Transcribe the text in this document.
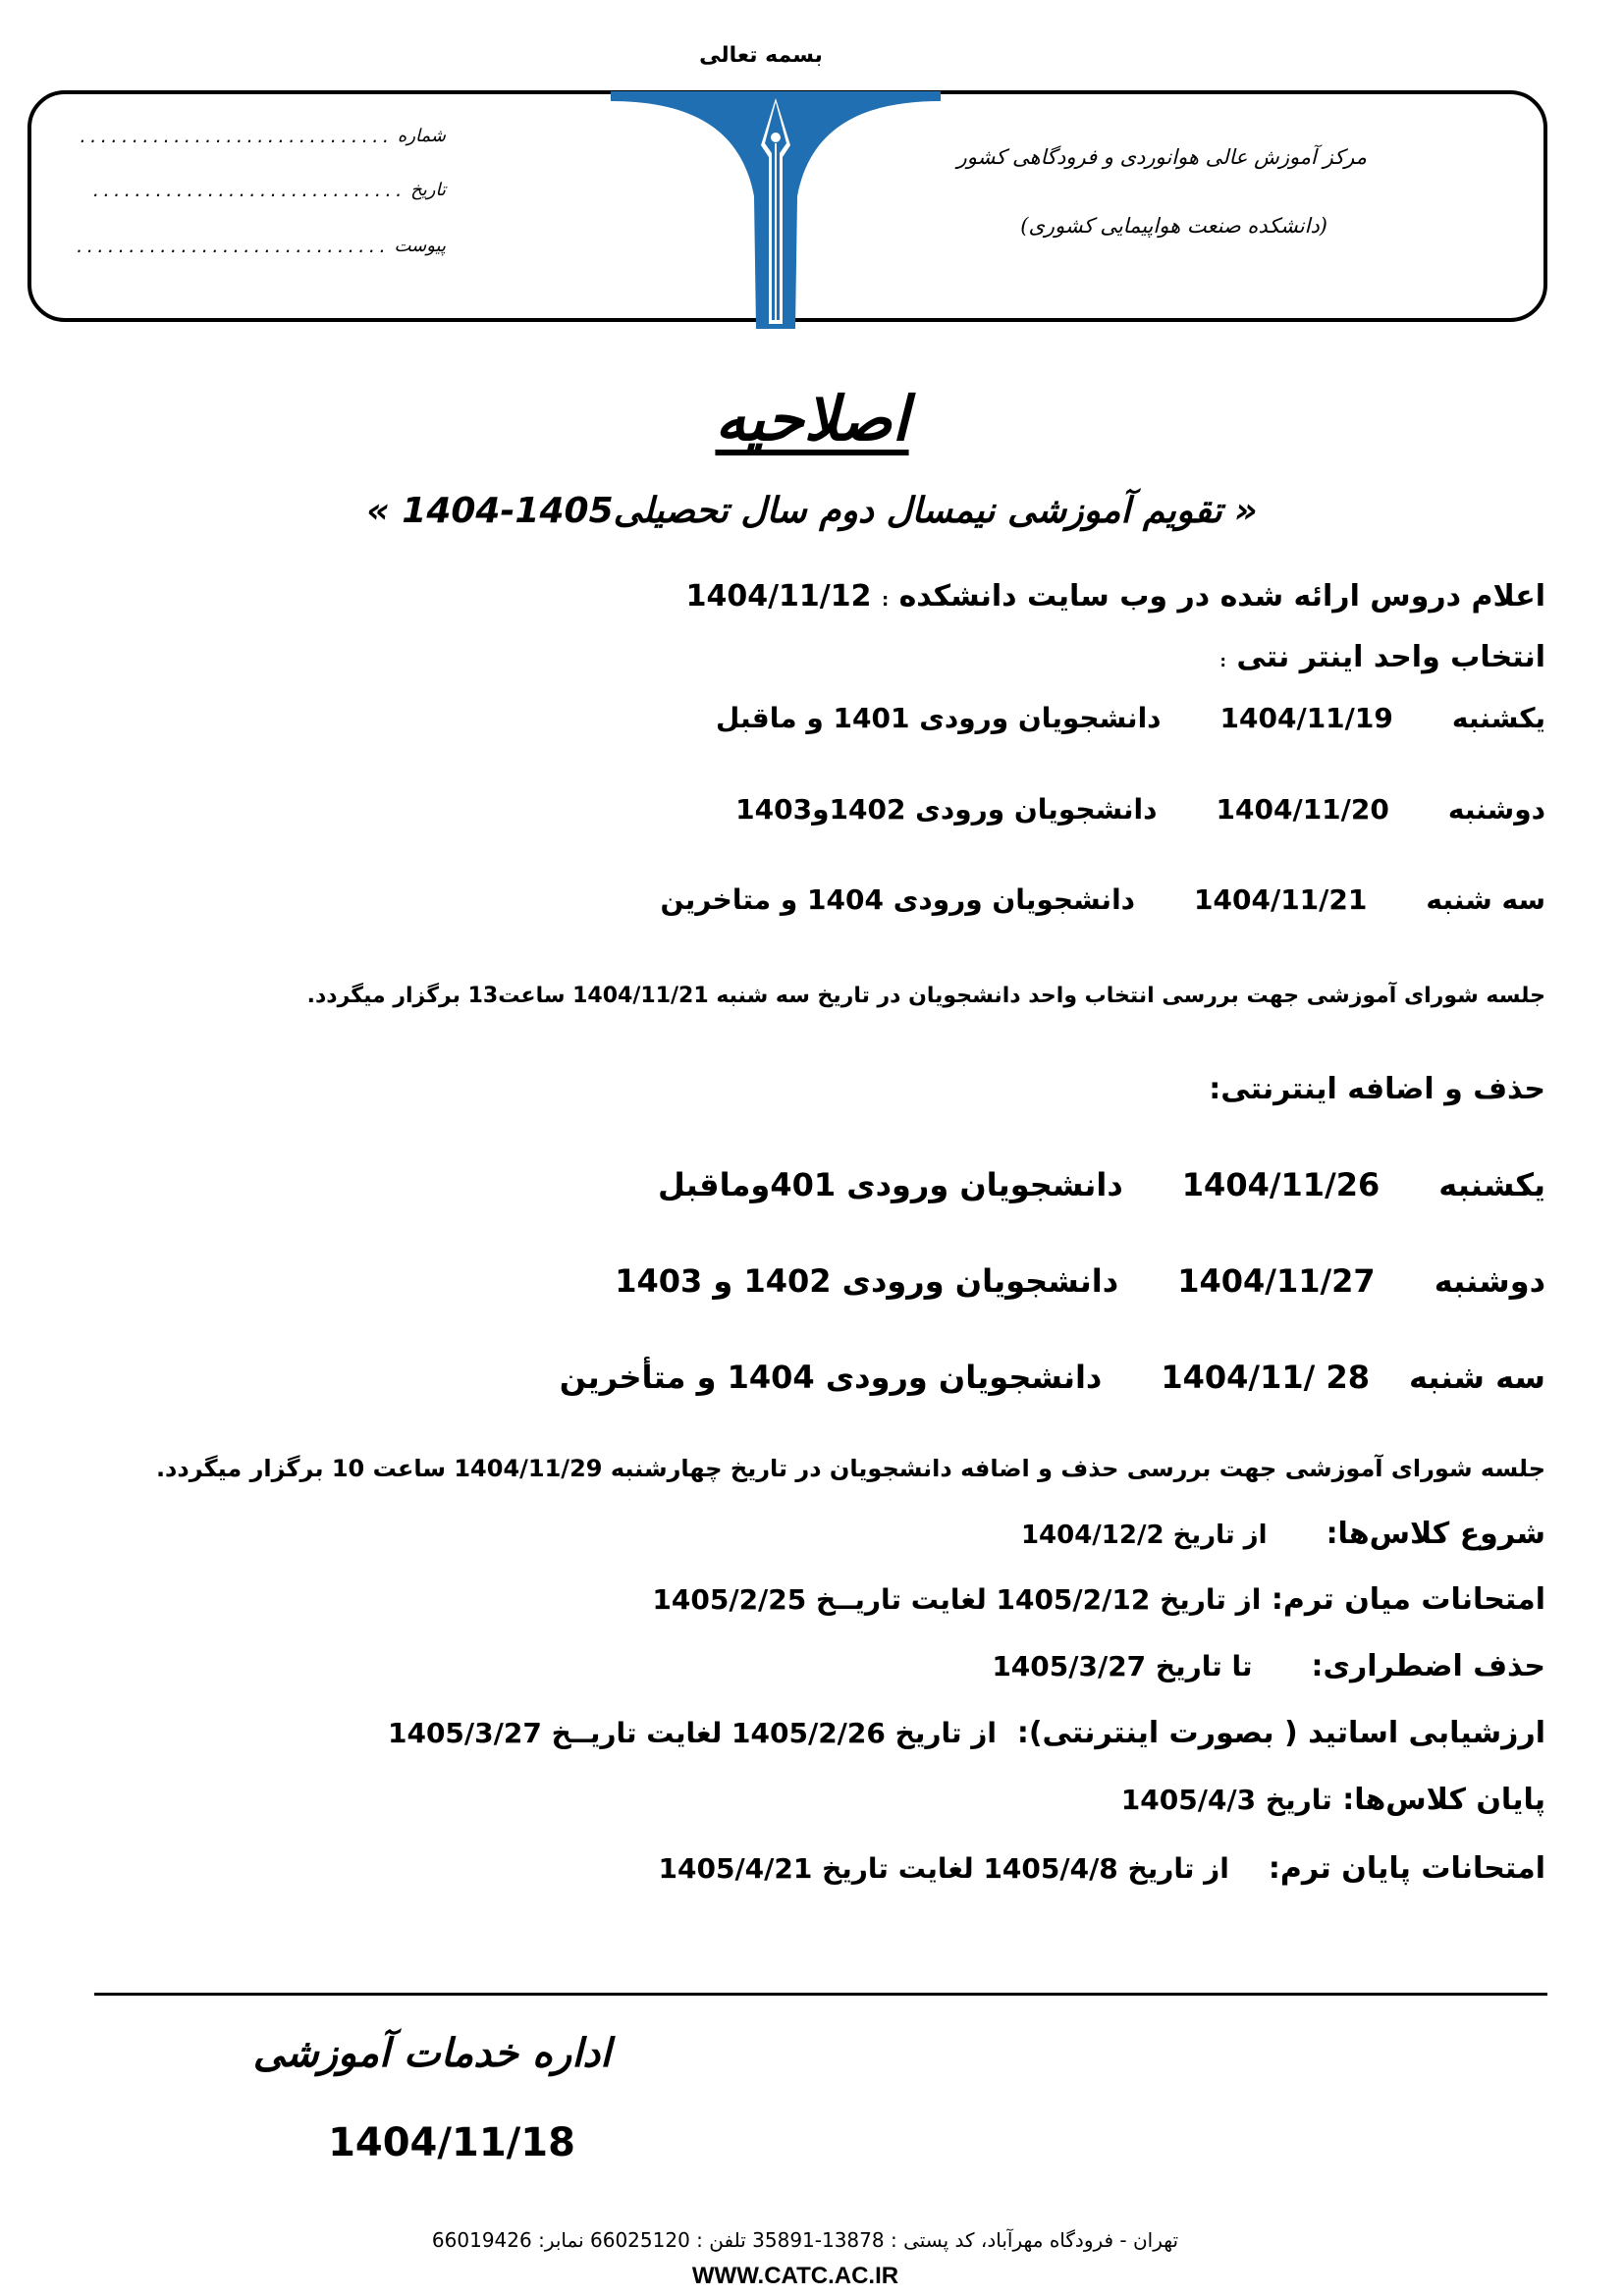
بسمه تعالی
مرکز آموزش عالی هوانوردی و فرودگاهی کشور
(دانشکده صنعت هواپیمایی کشوری)
شماره
..............................
تاریخ
..............................
پیوست
..............................
اصلاحیه
« تقویم آموزشی نیمسال دوم سال تحصیلی1405-1404 »
اعلام دروس ارائه شده در وب سایت دانشکده

:

1404/11/12
انتخاب واحد اینتر نتی

:
یکشنبه
1404/11/19
دانشجویان ورودی 1401 و ماقبل
دوشنبه
1404/11/20
دانشجویان ورودی 1402و1403
سه شنبه
1404/11/21
دانشجویان ورودی 1404 و متاخرین
جلسه شورای آموزشی جهت بررسی انتخاب واحد دانشجویان در تاریخ سه شنبه 1404/11/21 ساعت13 برگزار میگردد.
حذف و اضافه اینترنتی:
یکشنبه
1404/11/26
دانشجویان ورودی 401وماقبل
دوشنبه
1404/11/27
دانشجویان ورودی 1402 و 1403
سه شنبه
28 /1404/11
دانشجویان ورودی 1404 و متأخرین
جلسه شورای آموزشی جهت بررسی حذف و اضافه دانشجویان در تاریخ چهارشنبه 1404/11/29 ساعت 10 برگزار میگردد.
شروع کلاس‌ها:
از تاریخ 1404/12/2
امتحانات میان ترم:

از تاریخ 1405/2/12 لغایت تاریــخ 1405/2/25
حذف اضطراری:
تا تاریخ 1405/3/27
ارزشیابی اساتید ( بصورت اینترنتی):

از تاریخ 1405/2/26 لغایت تاریــخ 1405/3/27
پایان کلاس‌ها:

تاریخ 1405/4/3
امتحانات پایان ترم:
از تاریخ 1405/4/8 لغایت تاریخ 1405/4/21
اداره خدمات آموزشی
1404/11/18
تهران - فرودگاه مهرآباد، کد پستی : 13878-35891 تلفن : 66025120 نمابر: 66019426
WWW.CATC.AC.IR
